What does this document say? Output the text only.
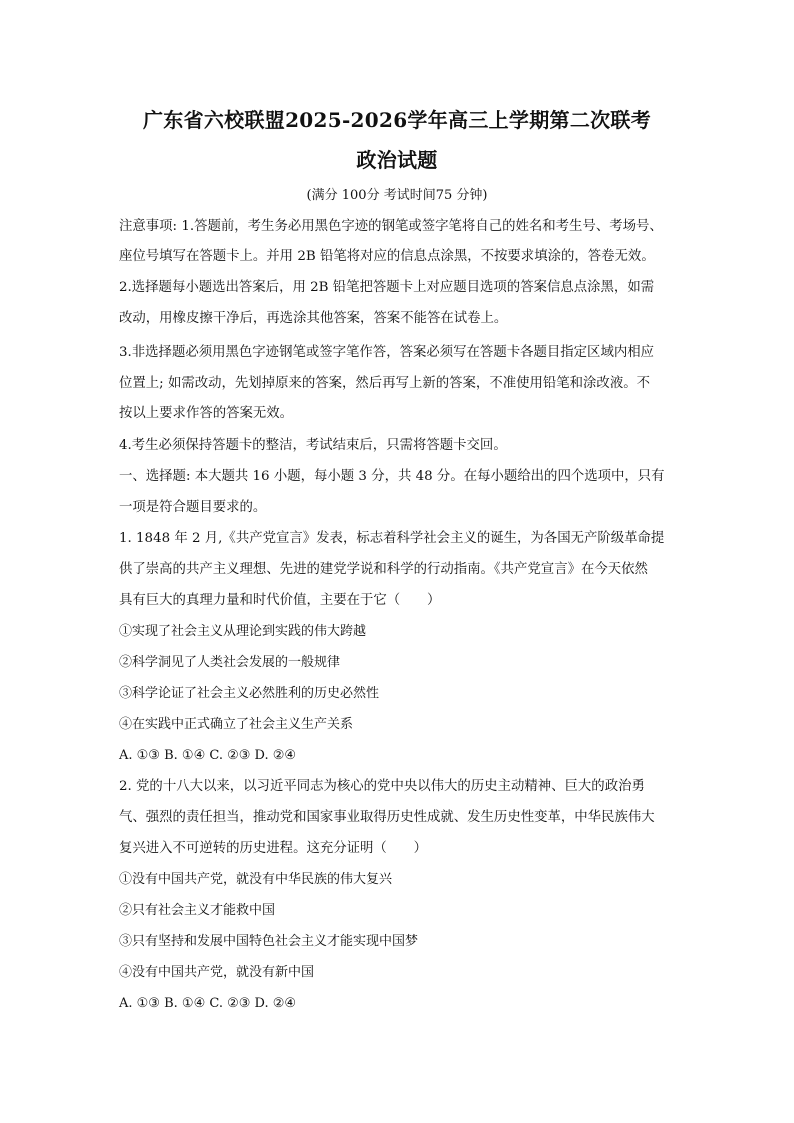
广东省六校联盟2025-2026学年高三上学期第二次联考
政治试题
(满分 100分 考试时间75 分钟)
注意事项: 1.答题前，考生务必用黑色字迹的钢笔或签字笔将自己的姓名和考生号、考场号、
座位号填写在答题卡上。并用 2B 铅笔将对应的信息点涂黑，不按要求填涂的，答卷无效。
2.选择题每小题选出答案后，用 2B 铅笔把答题卡上对应题目选项的答案信息点涂黑，如需
改动，用橡皮擦干净后，再选涂其他答案，答案不能答在试卷上。
3.非选择题必须用黑色字迹钢笔或签字笔作答，答案必须写在答题卡各题目指定区域内相应
位置上; 如需改动，先划掉原来的答案，然后再写上新的答案，不准使用铅笔和涂改液。不
按以上要求作答的答案无效。
4.考生必须保持答题卡的整洁，考试结束后，只需将答题卡交回。
一、选择题: 本大题共 16 小题，每小题 3 分，共 48 分。在每小题给出的四个选项中，只有
一项是符合题目要求的。
1. 1848 年 2 月,《共产党宣言》发表，标志着科学社会主义的诞生，为各国无产阶级革命提
供了崇高的共产主义理想、先进的建党学说和科学的行动指南。《共产党宣言》在今天依然
具有巨大的真理力量和时代价值，主要在于它（　　）
①实现了社会主义从理论到实践的伟大跨越
②科学洞见了人类社会发展的一般规律
③科学论证了社会主义必然胜利的历史必然性
④在实践中正式确立了社会主义生产关系
A. ①③ B. ①④ C. ②③ D. ②④
2. 党的十八大以来，以习近平同志为核心的党中央以伟大的历史主动精神、巨大的政治勇
气、强烈的责任担当，推动党和国家事业取得历史性成就、发生历史性变革，中华民族伟大
复兴进入不可逆转的历史进程。这充分证明（　　）
①没有中国共产党，就没有中华民族的伟大复兴
②只有社会主义才能救中国
③只有坚持和发展中国特色社会主义才能实现中国梦
④没有中国共产党，就没有新中国
A. ①③ B. ①④ C. ②③ D. ②④
